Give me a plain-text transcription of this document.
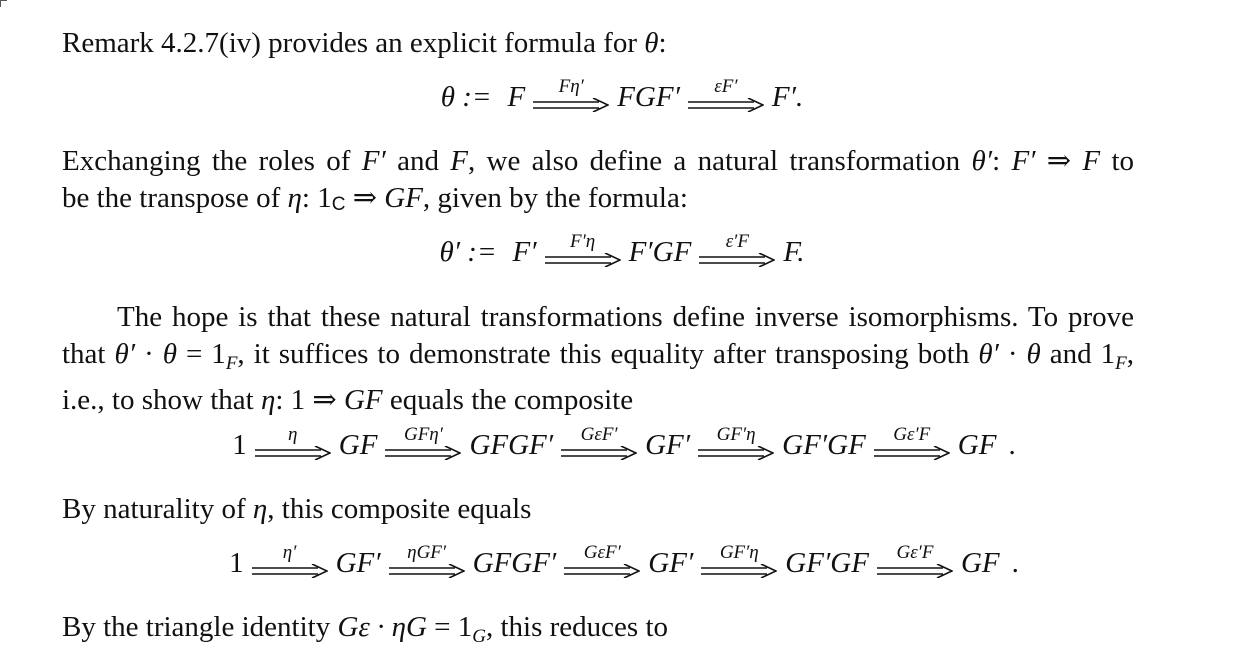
Remark 4.2.7(iv) provides an explicit formula for θ:
θ := F Fη′ FGF′ εF′ F′.
Exchanging the roles of F′ and F, we also define a natural transformation θ′: F′ ⇒ F to
be the transpose of η: 1C ⇒ GF, given by the formula:
θ′ := F′ F′η F′GF ε′F F.
The hope is that these natural transformations define inverse isomorphisms. To prove
that $\theta' \cdot \theta = 1_F$, it suffices to demonstrate this equality after transposing both θ′ · θ and $1_F$,
i.e., to show that η: 1 ⇒ GF equals the composite
1 η GF GFη′ GFGF′ GεF′ GF′ GF′η GF′GF Gε′F GF .
By naturality of η, this composite equals
1 η′ GF′ ηGF′ GFGF′ GεF′ GF′ GF′η GF′GF Gε′F GF .
By the triangle identity $G\varepsilon \cdot \eta G = 1_G$, this reduces to
